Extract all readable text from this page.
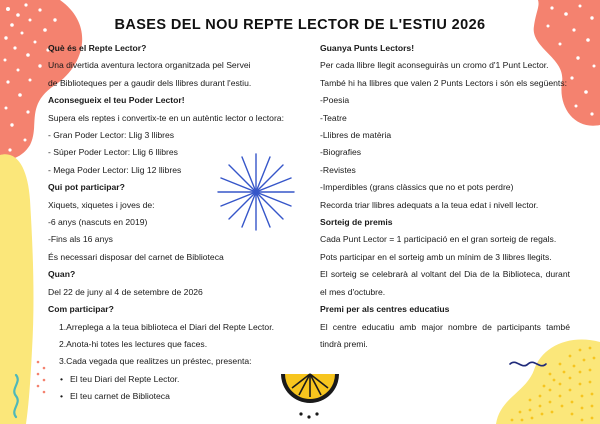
BASES DEL NOU REPTE LECTOR DE L'ESTIU 2026

Què és el Repte Lector?

Una divertida aventura lectora organitzada pel Servei

de Biblioteques per a gaudir dels llibres durant l'estiu.

Aconsegueix el teu Poder Lector!

Supera els reptes i convertix-te en un autèntic lector o lectora:

- Gran Poder Lector: Llig 3 llibres

- Súper Poder Lector: Llig 6 llibres

- Mega Poder Lector: Llig 12 llibres

Qui pot participar?

Xiquets, xiquetes i joves de:

-6 anys (nascuts en 2019)

-Fins als 16 anys

És necessari disposar del carnet de Biblioteca

Quan?

Del 22 de juny al 4 de setembre de 2026

Com participar?

1.Arreplega a la teua biblioteca el Diari del Repte Lector.

2.Anota-hi totes les lectures que faces.

3.Cada vegada que realitzes un préstec, presenta:

• El teu Diari del Repte Lector.

• El teu carnet de Biblioteca

Guanya Punts Lectors!

Per cada llibre llegit aconseguiràs un cromo d'1 Punt Lector.

També hi ha llibres que valen 2 Punts Lectors i són els següents:

-Poesia

-Teatre

-Llibres de matèria

-Biografies

-Revistes

-Imperdibles (grans clàssics que no et pots perdre)

Recorda triar llibres adequats a la teua edat i nivell lector.

Sorteig de premis

Cada Punt Lector = 1 participació en el gran sorteig de regals.

Pots participar en el sorteig amb un mínim de 3 llibres llegits.

El sorteig se celebrarà al voltant del Dia de la Biblioteca, durant el mes d'octubre.

Premi per als centres educatius

El centre educatiu amb major nombre de participants també tindrà premi.
